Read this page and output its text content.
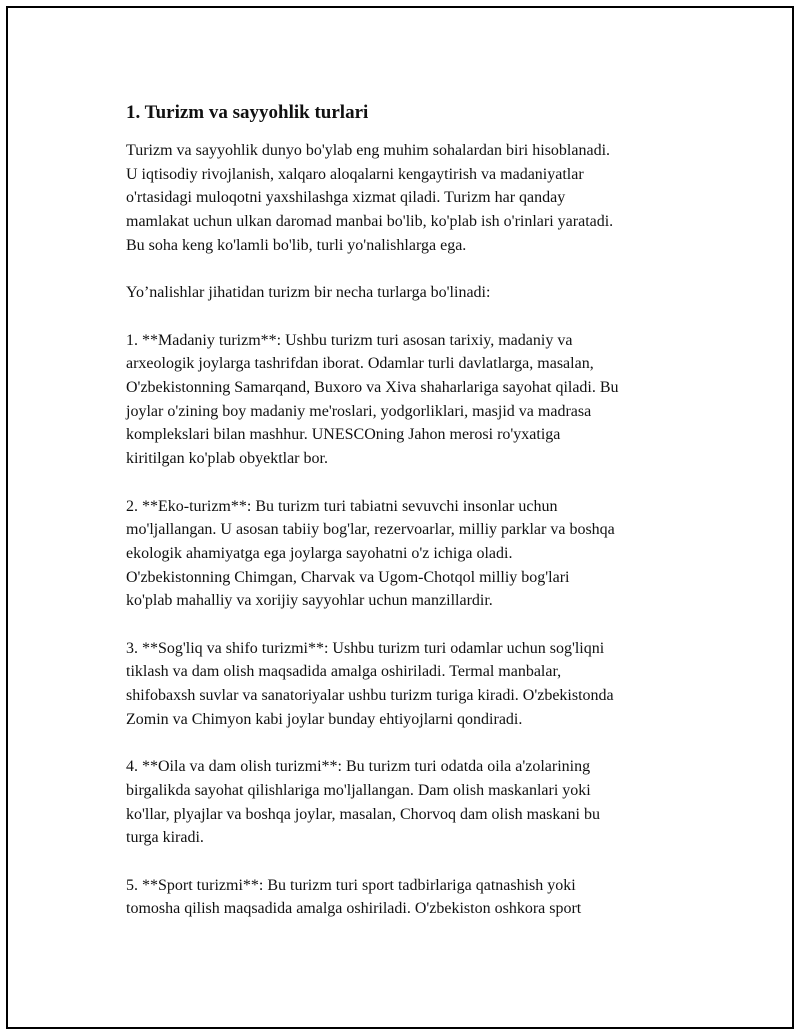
1. Turizm va sayyohlik turlari
Turizm va sayyohlik dunyo bo'ylab eng muhim sohalardan biri hisoblanadi.
U iqtisodiy rivojlanish, xalqaro aloqalarni kengaytirish va madaniyatlar
o'rtasidagi muloqotni yaxshilashga xizmat qiladi. Turizm har qanday
mamlakat uchun ulkan daromad manbai bo'lib, ko'plab ish o'rinlari yaratadi.
Bu soha keng ko'lamli bo'lib, turli yo'nalishlarga ega.
Yo’nalishlar jihatidan turizm bir necha turlarga bo'linadi:
1. **Madaniy turizm**: Ushbu turizm turi asosan tarixiy, madaniy va
arxeologik joylarga tashrifdan iborat. Odamlar turli davlatlarga, masalan,
O'zbekistonning Samarqand, Buxoro va Xiva shaharlariga sayohat qiladi. Bu
joylar o'zining boy madaniy me'roslari, yodgorliklari, masjid va madrasa
komplekslari bilan mashhur. UNESCOning Jahon merosi ro'yxatiga
kiritilgan ko'plab obyektlar bor.
2. **Eko-turizm**: Bu turizm turi tabiatni sevuvchi insonlar uchun
mo'ljallangan. U asosan tabiiy bog'lar, rezervoarlar, milliy parklar va boshqa
ekologik ahamiyatga ega joylarga sayohatni o'z ichiga oladi.
O'zbekistonning Chimgan, Charvak va Ugom-Chotqol milliy bog'lari
ko'plab mahalliy va xorijiy sayyohlar uchun manzillardir.
3. **Sog'liq va shifo turizmi**: Ushbu turizm turi odamlar uchun sog'liqni
tiklash va dam olish maqsadida amalga oshiriladi. Termal manbalar,
shifobaxsh suvlar va sanatoriyalar ushbu turizm turiga kiradi. O'zbekistonda
Zomin va Chimyon kabi joylar bunday ehtiyojlarni qondiradi.
4. **Oila va dam olish turizmi**: Bu turizm turi odatda oila a'zolarining
birgalikda sayohat qilishlariga mo'ljallangan. Dam olish maskanlari yoki
ko'llar, plyajlar va boshqa joylar, masalan, Chorvoq dam olish maskani bu
turga kiradi.
5. **Sport turizmi**: Bu turizm turi sport tadbirlariga qatnashish yoki
tomosha qilish maqsadida amalga oshiriladi. O'zbekiston oshkora sport
